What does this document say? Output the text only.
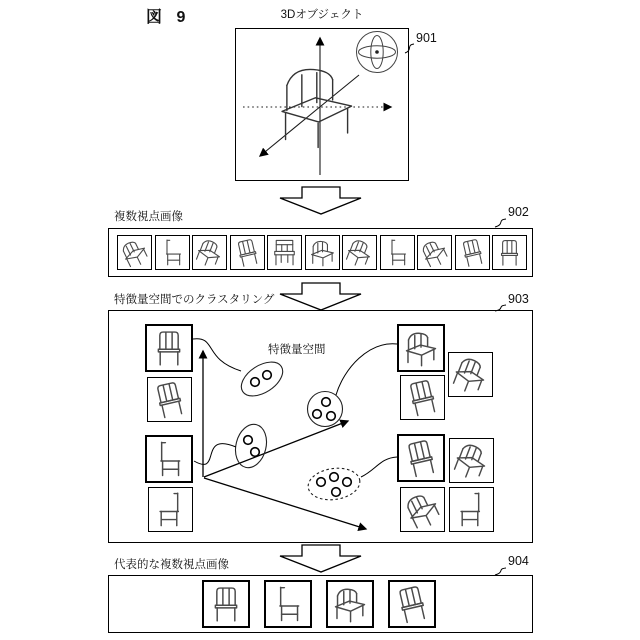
図 9	3Dオブジェクト
901
複数視点画像	902
特徴量空間でのクラスタリング	903
代表的な複数視点画像	904
特徴量空間
